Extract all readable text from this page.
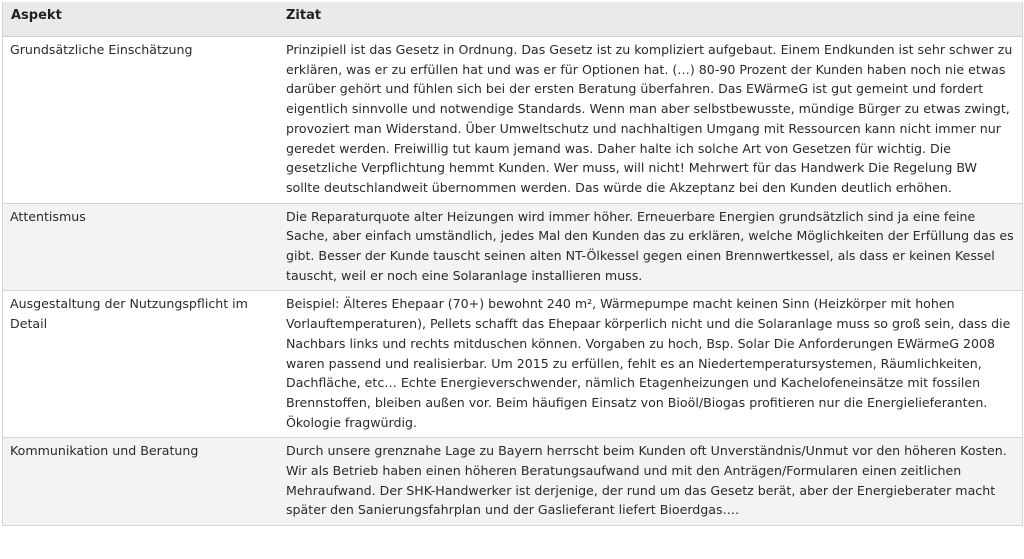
Aspekt	Zitat
Grundsätzliche Einschätzung	Prinzipiell ist das Gesetz in Ordnung. Das Gesetz ist zu kompliziert aufgebaut. Einem Endkunden ist sehr schwer zu erklären, was er zu erfüllen hat und was er für Optionen hat. (…) 80-90 Prozent der Kunden haben noch nie etwas darüber gehört und fühlen sich bei der ersten Beratung überfahren. Das EWärmeG ist gut gemeint und fordert eigentlich sinnvolle und notwendige Standards. Wenn man aber selbstbewusste, mündige Bürger zu etwas zwingt, provoziert man Widerstand. Über Umweltschutz und nachhaltigen Umgang mit Ressourcen kann nicht immer nur geredet werden. Freiwillig tut kaum jemand was. Daher halte ich solche Art von Gesetzen für wichtig. Die gesetzliche Verpflichtung hemmt Kunden. Wer muss, will nicht! Mehrwert für das Handwerk Die Regelung BW sollte deutschlandweit übernommen werden. Das würde die Akzeptanz bei den Kunden deutlich erhöhen.
Attentismus	Die Reparaturquote alter Heizungen wird immer höher. Erneuerbare Energien grundsätzlich sind ja eine feine Sache, aber einfach umständlich, jedes Mal den Kunden das zu erklären, welche Möglichkeiten der Erfüllung das es gibt. Besser der Kunde tauscht seinen alten NT-Ölkessel gegen einen Brennwertkessel, als dass er keinen Kessel tauscht, weil er noch eine Solaranlage installieren muss.
Ausgestaltung der Nutzungspflicht im Detail	Beispiel: Älteres Ehepaar (70+) bewohnt 240 m², Wärmepumpe macht keinen Sinn (Heizkörper mit hohen Vorlauftemperaturen), Pellets schafft das Ehepaar körperlich nicht und die Solaranlage muss so groß sein, dass die Nachbars links und rechts mitduschen können. Vorgaben zu hoch, Bsp. Solar Die Anforderungen EWärmeG 2008 waren passend und realisierbar. Um 2015 zu erfüllen, fehlt es an Niedertemperatursystemen, Räumlichkeiten, Dachfläche, etc… Echte Energieverschwender, nämlich Etagenheizungen und Kachelofeneinsätze mit fossilen Brennstoffen, bleiben außen vor. Beim häufigen Einsatz von Bioöl/Biogas profitieren nur die Energielieferanten. Ökologie fragwürdig.
Kommunikation und Beratung	Durch unsere grenznahe Lage zu Bayern herrscht beim Kunden oft Unverständnis/Unmut vor den höheren Kosten. Wir als Betrieb haben einen höheren Beratungsaufwand und mit den Anträgen/Formularen einen zeitlichen Mehraufwand. Der SHK-Handwerker ist derjenige, der rund um das Gesetz berät, aber der Energieberater macht später den Sanierungsfahrplan und der Gaslieferant liefert Bioerdgas….
